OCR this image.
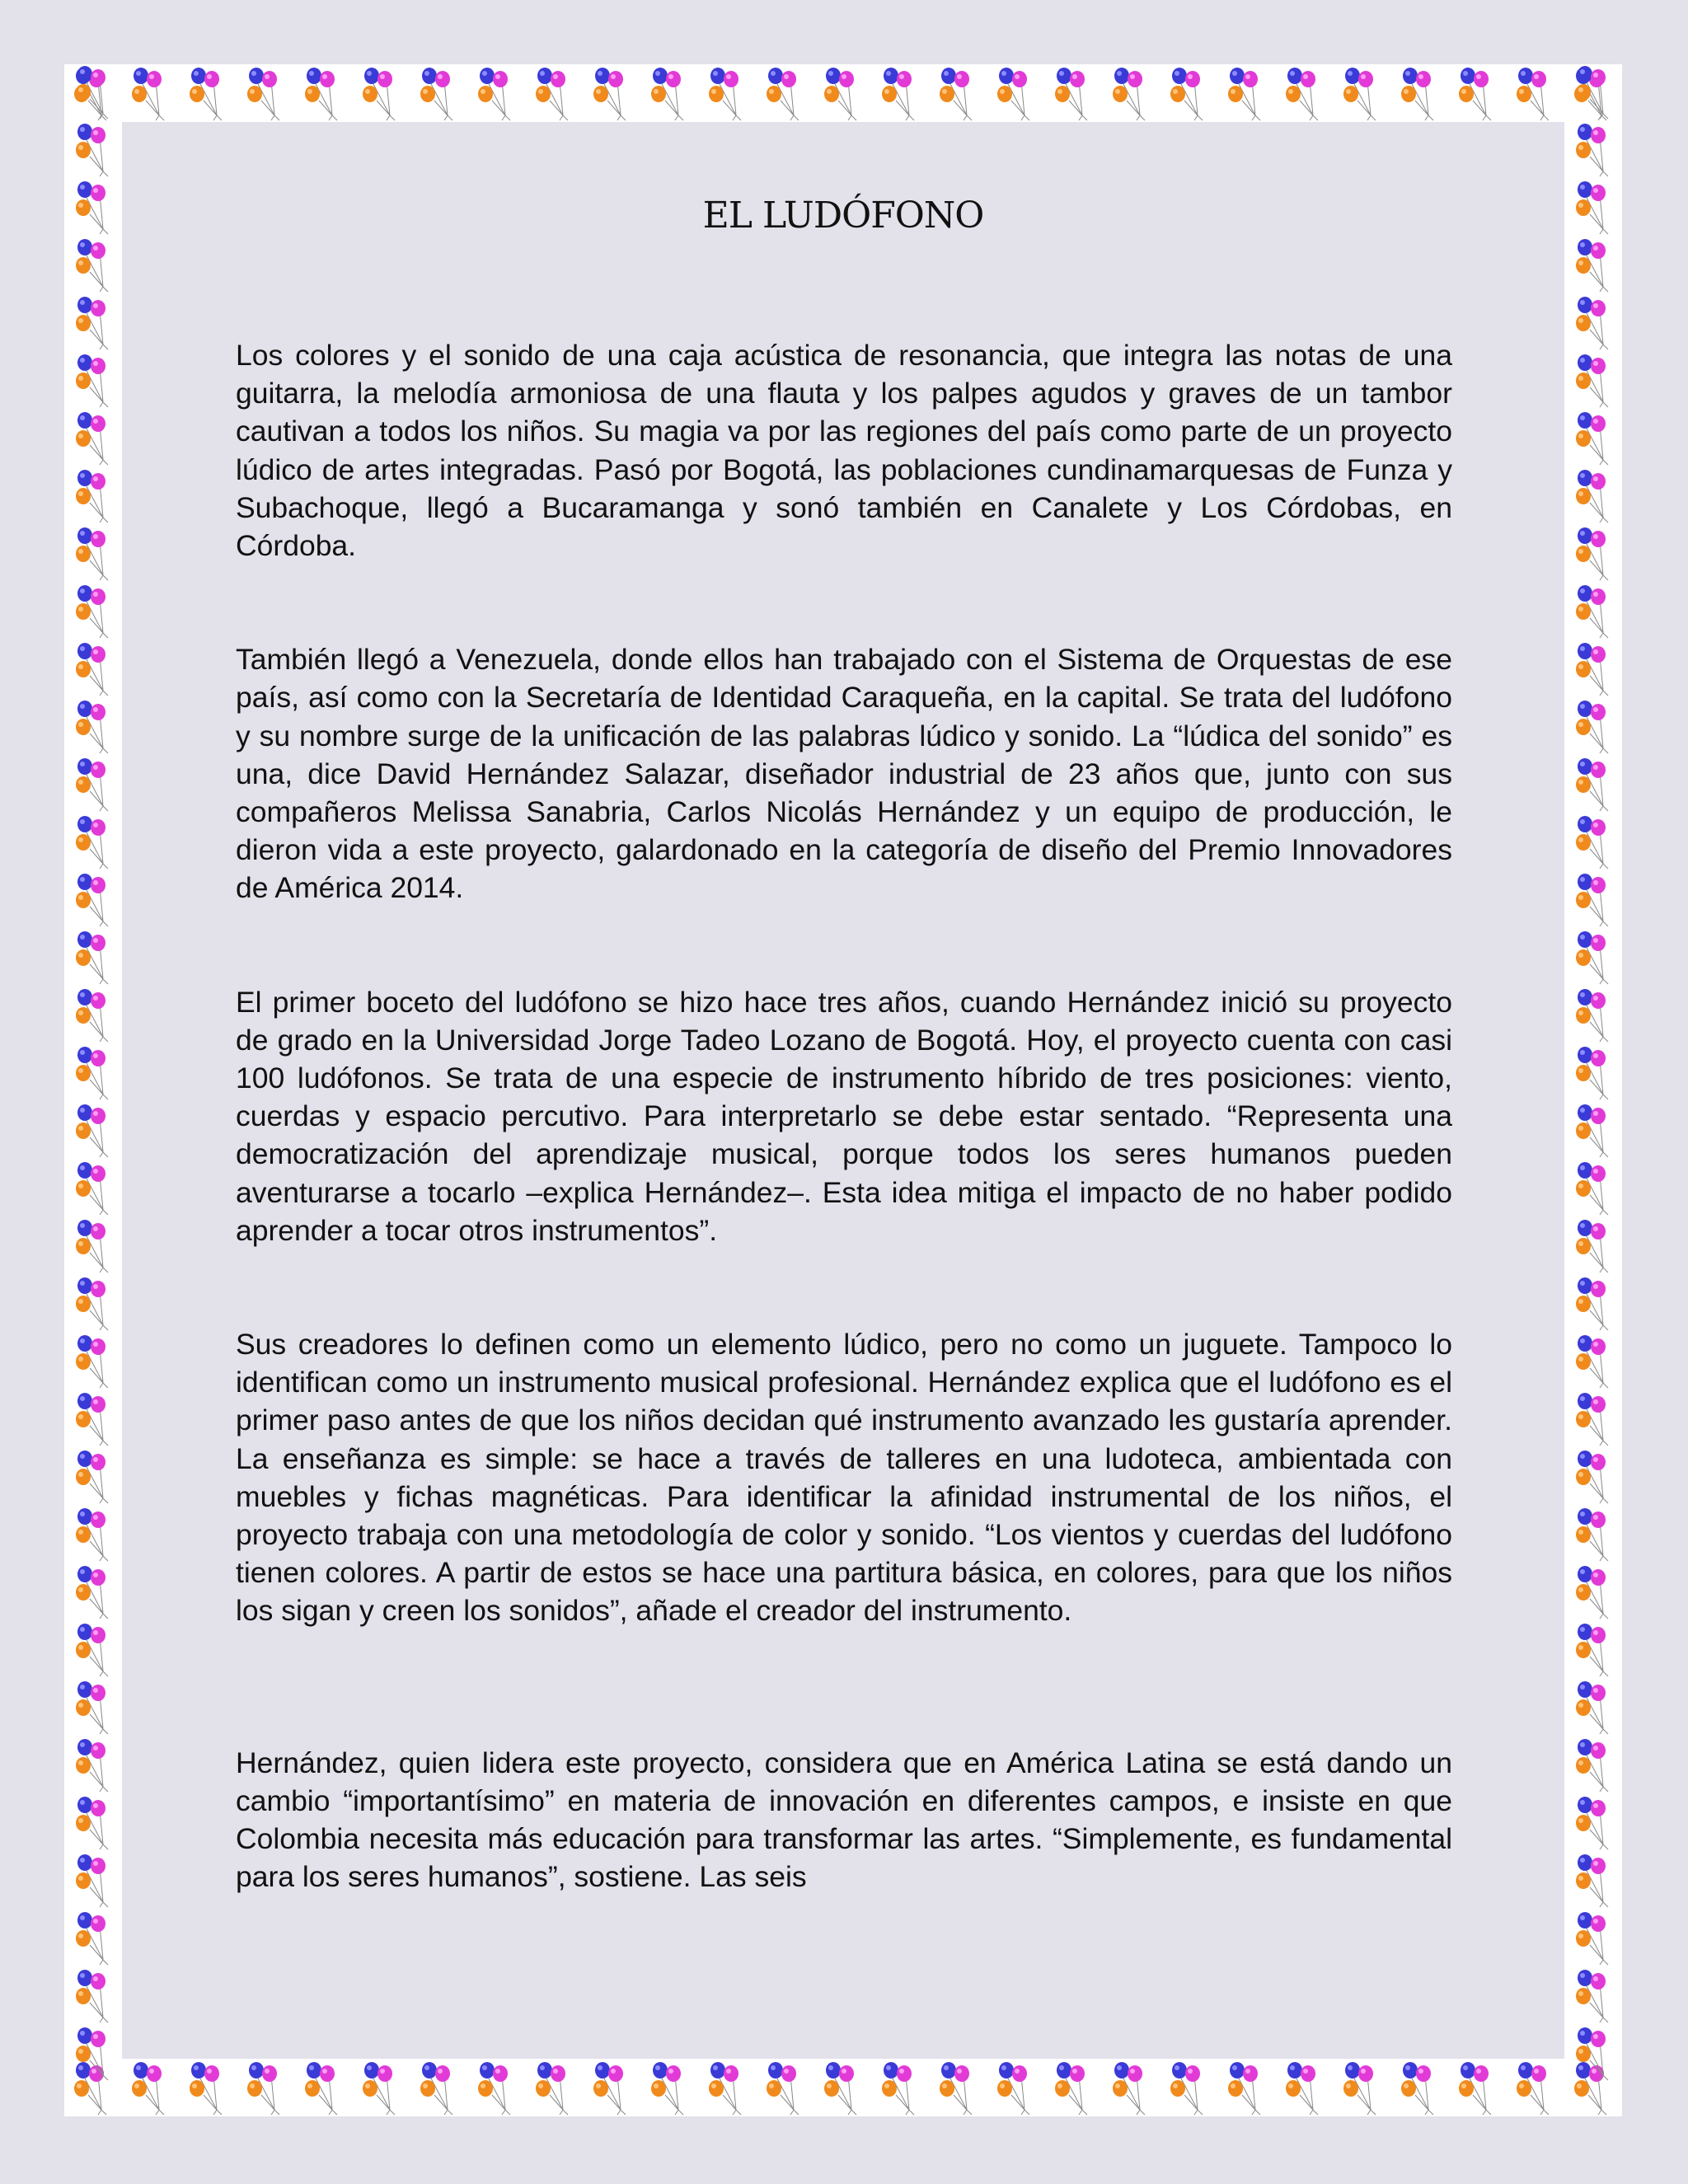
EL LUDÓFONO

Los colores y el sonido de una caja acústica de resonancia, que integra las notas de una guitarra, la melodía armoniosa de una flauta y los palpes agudos y graves de un tambor cautivan a todos los niños. Su magia va por las regiones del país como parte de un proyecto lúdico de artes integradas. Pasó por Bogotá, las poblaciones cundinamarquesas de Funza y Subachoque, llegó a Bucaramanga y sonó también en Canalete y Los Córdobas, en Córdoba.

También llegó a Venezuela, donde ellos han trabajado con el Sistema de Orquestas de ese país, así como con la Secretaría de Identidad Caraqueña, en la capital. Se trata del ludófono y su nombre surge de la unificación de las palabras lúdico y sonido. La “lúdica del sonido” es una, dice David Hernández Salazar, diseñador industrial de 23 años que, junto con sus compañeros Melissa Sanabria, Carlos Nicolás Hernández y un equipo de producción, le dieron vida a este proyecto, galardonado en la categoría de diseño del Premio Innovadores de América 2014.

El primer boceto del ludófono se hizo hace tres años, cuando Hernández inició su proyecto de grado en la Universidad Jorge Tadeo Lozano de Bogotá. Hoy, el proyecto cuenta con casi 100 ludófonos. Se trata de una especie de instrumento híbrido de tres posiciones: viento, cuerdas y espacio percutivo. Para interpretarlo se debe estar sentado. “Representa una democratización del aprendizaje musical, porque todos los seres humanos pueden aventurarse a tocarlo –explica Hernández–. Esta idea mitiga el impacto de no haber podido aprender a tocar otros instrumentos”.

Sus creadores lo definen como un elemento lúdico, pero no como un juguete. Tampoco lo identifican como un instrumento musical profesional. Hernández explica que el ludófono es el primer paso antes de que los niños decidan qué instrumento avanzado les gustaría aprender. La enseñanza es simple: se hace a través de talleres en una ludoteca, ambientada con muebles y fichas magnéticas. Para identificar la afinidad instrumental de los niños, el proyecto trabaja con una metodología de color y sonido. “Los vientos y cuerdas del ludófono tienen colores. A partir de estos se hace una partitura básica, en colores, para que los niños los sigan y creen los sonidos”, añade el creador del instrumento.

Hernández, quien lidera este proyecto, considera que en América Latina se está dando un cambio “importantísimo” en materia de innovación en diferentes campos, e insiste en que Colombia necesita más educación para transformar las artes. “Simplemente, es fundamental para los seres humanos”, sostiene. Las seis
